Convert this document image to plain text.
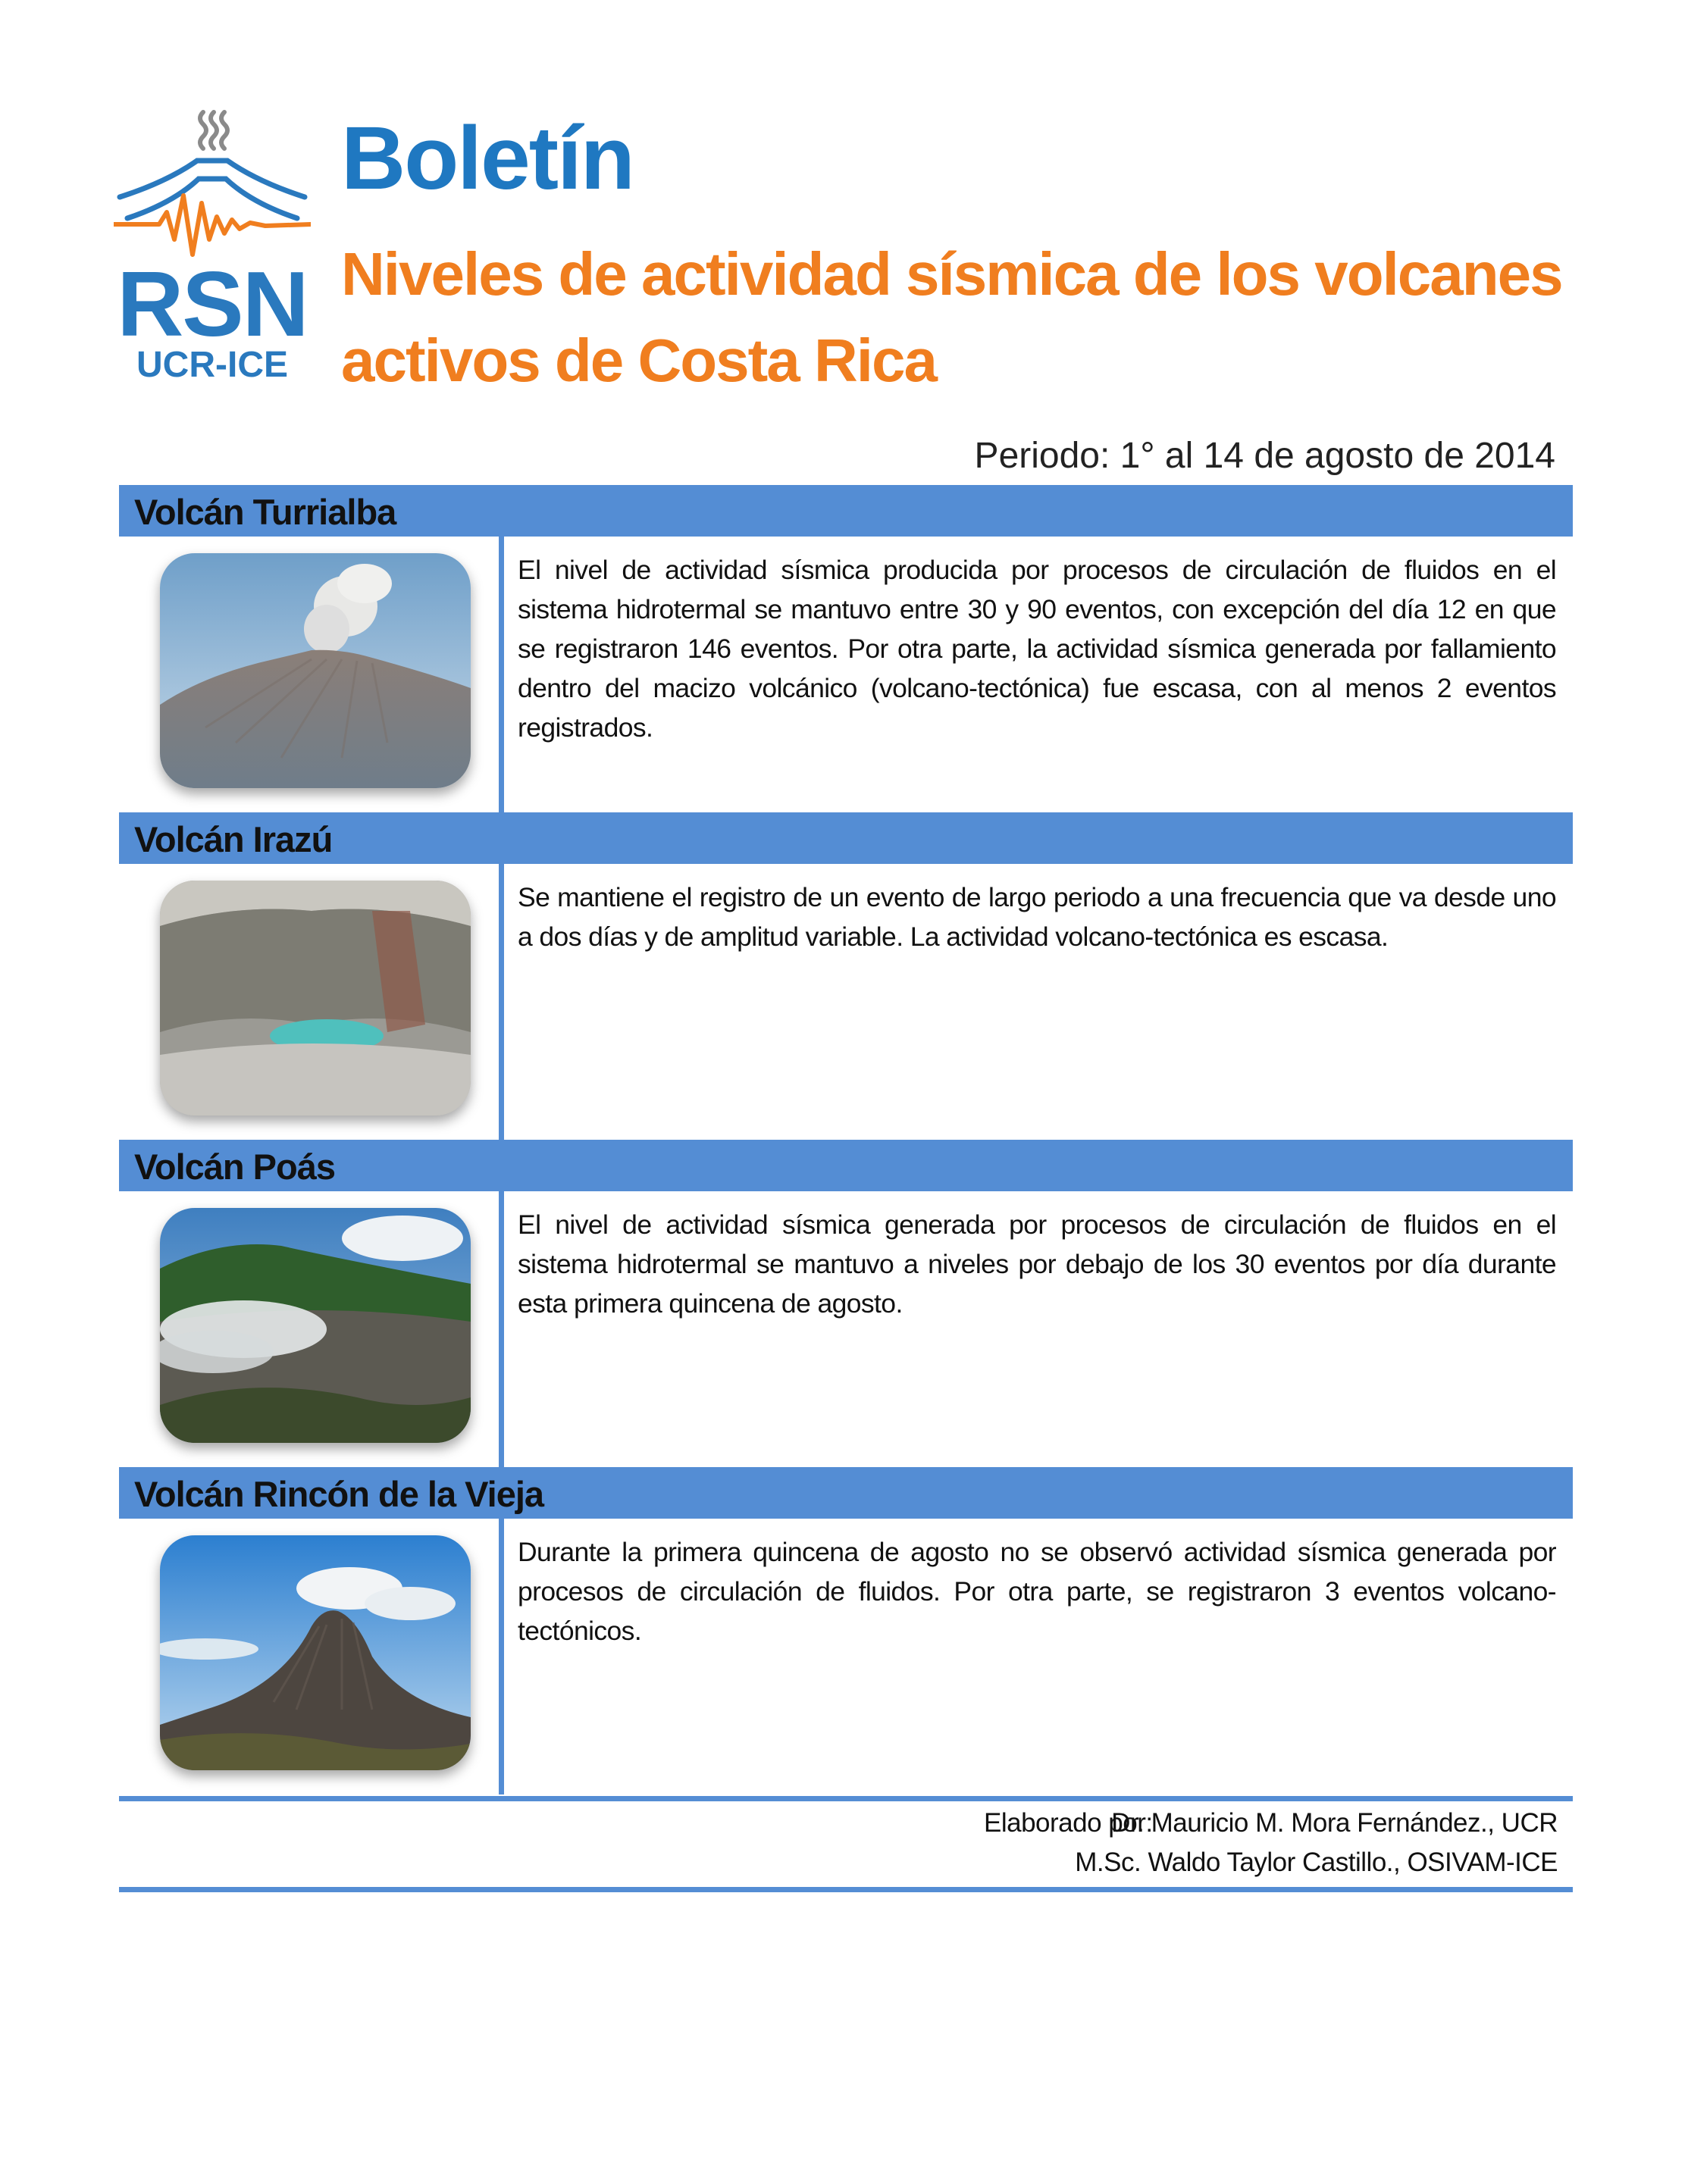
RSN
UCR-ICE
Boletín
Niveles de actividad sísmica de los volcanes
activos de Costa Rica
Periodo: 1° al 14 de agosto de 2014
Volcán Turrialba
El nivel de actividad sísmica producida por procesos de circulación de fluidos en el sistema hidrotermal se mantuvo entre 30 y 90 eventos, con excepción del día 12 en que se registraron 146 eventos. Por otra parte, la actividad sísmica generada por fallamiento dentro del macizo volcánico (volcano-tectónica) fue escasa, con al menos 2 eventos registrados.
Volcán Irazú
Se mantiene el registro de un evento de largo periodo a una frecuencia que va desde uno a dos días y de amplitud variable. La actividad volcano-tectónica es escasa.
Volcán Poás
El nivel de actividad sísmica generada por procesos de circulación de fluidos en el sistema hidrotermal se mantuvo a niveles por debajo de los 30 eventos por día durante esta primera quincena de agosto.
Volcán Rincón de la Vieja
Durante la primera quincena de agosto no se observó actividad sísmica generada por procesos de circulación de fluidos. Por otra parte, se registraron 3 eventos volcano-tectónicos.
Elaborado por:
Dr. Mauricio M. Mora Fernández., UCR
M.Sc. Waldo Taylor Castillo., OSIVAM-ICE
